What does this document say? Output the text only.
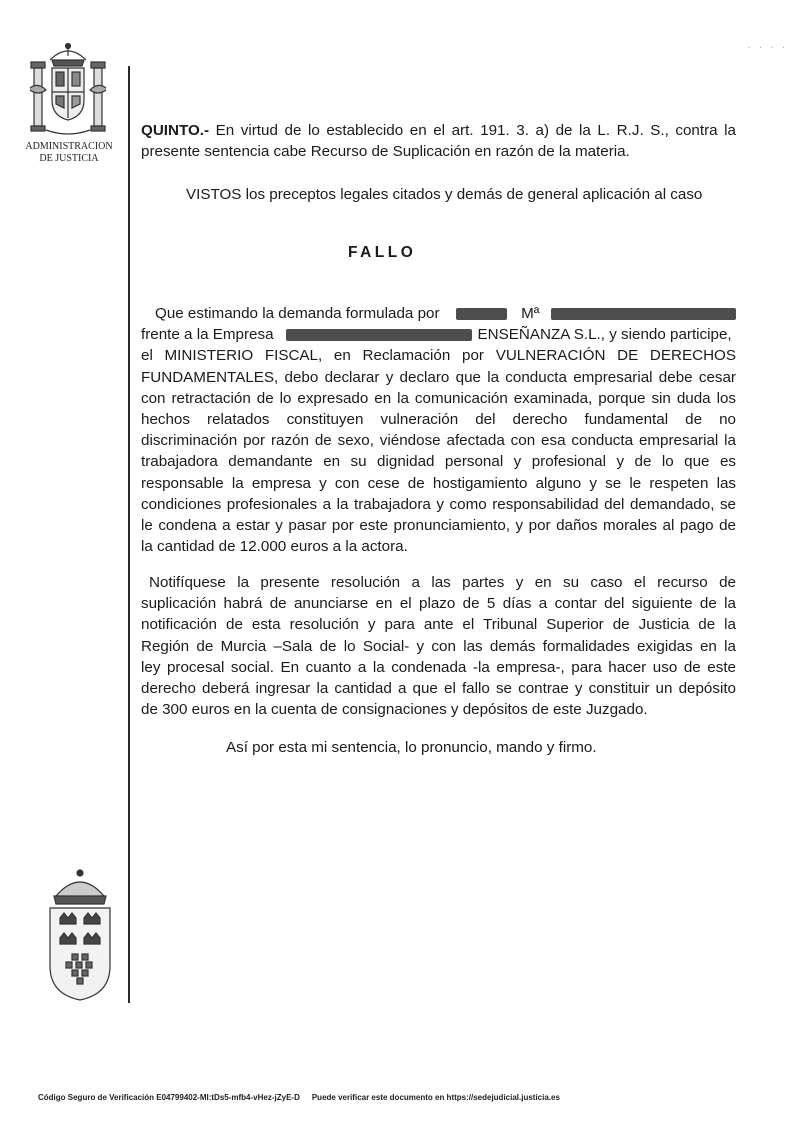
ADMINISTRACION
DE JUSTICIA
· · · ·
QUINTO.- En virtud de lo establecido en el art. 191. 3. a) de la L. R.J. S., contra la
presente sentencia cabe Recurso de Suplicación en razón de la materia.
VISTOS los preceptos legales citados y demás de general aplicación al caso
FALLO
Que estimando la demanda formulada por	Mª
frente a la Empresa	ENSEÑANZA S.L., y siendo participe,
el MINISTERIO FISCAL, en Reclamación por VULNERACIÓN DE DERECHOS
FUNDAMENTALES, debo declarar y declaro que la conducta empresarial debe cesar
con retractación de lo expresado en la comunicación examinada, porque sin duda los
hechos relatados constituyen vulneración del derecho fundamental de no
discriminación por razón de sexo, viéndose afectada con esa conducta empresarial la
trabajadora demandante en su dignidad personal y profesional y de lo que es
responsable la empresa y con cese de hostigamiento alguno y se le respeten las
condiciones profesionales a la trabajadora y como responsabilidad del demandado, se
le condena a estar y pasar por este pronunciamiento, y por daños morales al pago de
la cantidad de 12.000 euros a la actora.
Notifíquese la presente resolución a las partes y en su caso el recurso de
suplicación habrá de anunciarse en el plazo de 5 días a contar del siguiente de la
notificación de esta resolución y para ante el Tribunal Superior de Justicia de la
Región de Murcia –Sala de lo Social- y con las demás formalidades exigidas en la
ley procesal social. En cuanto a la condenada -la empresa-, para hacer uso de este
derecho deberá ingresar la cantidad a que el fallo se contrae y constituir un depósito
de 300 euros en la cuenta de consignaciones y depósitos de este Juzgado.
Así por esta mi sentencia, lo pronuncio, mando y firmo.
Código Seguro de Verificación E04799402-MI:tDs5-mfb4-vHez-jZyE-D Puede verificar este documento en https://sedejudicial.justicia.es
